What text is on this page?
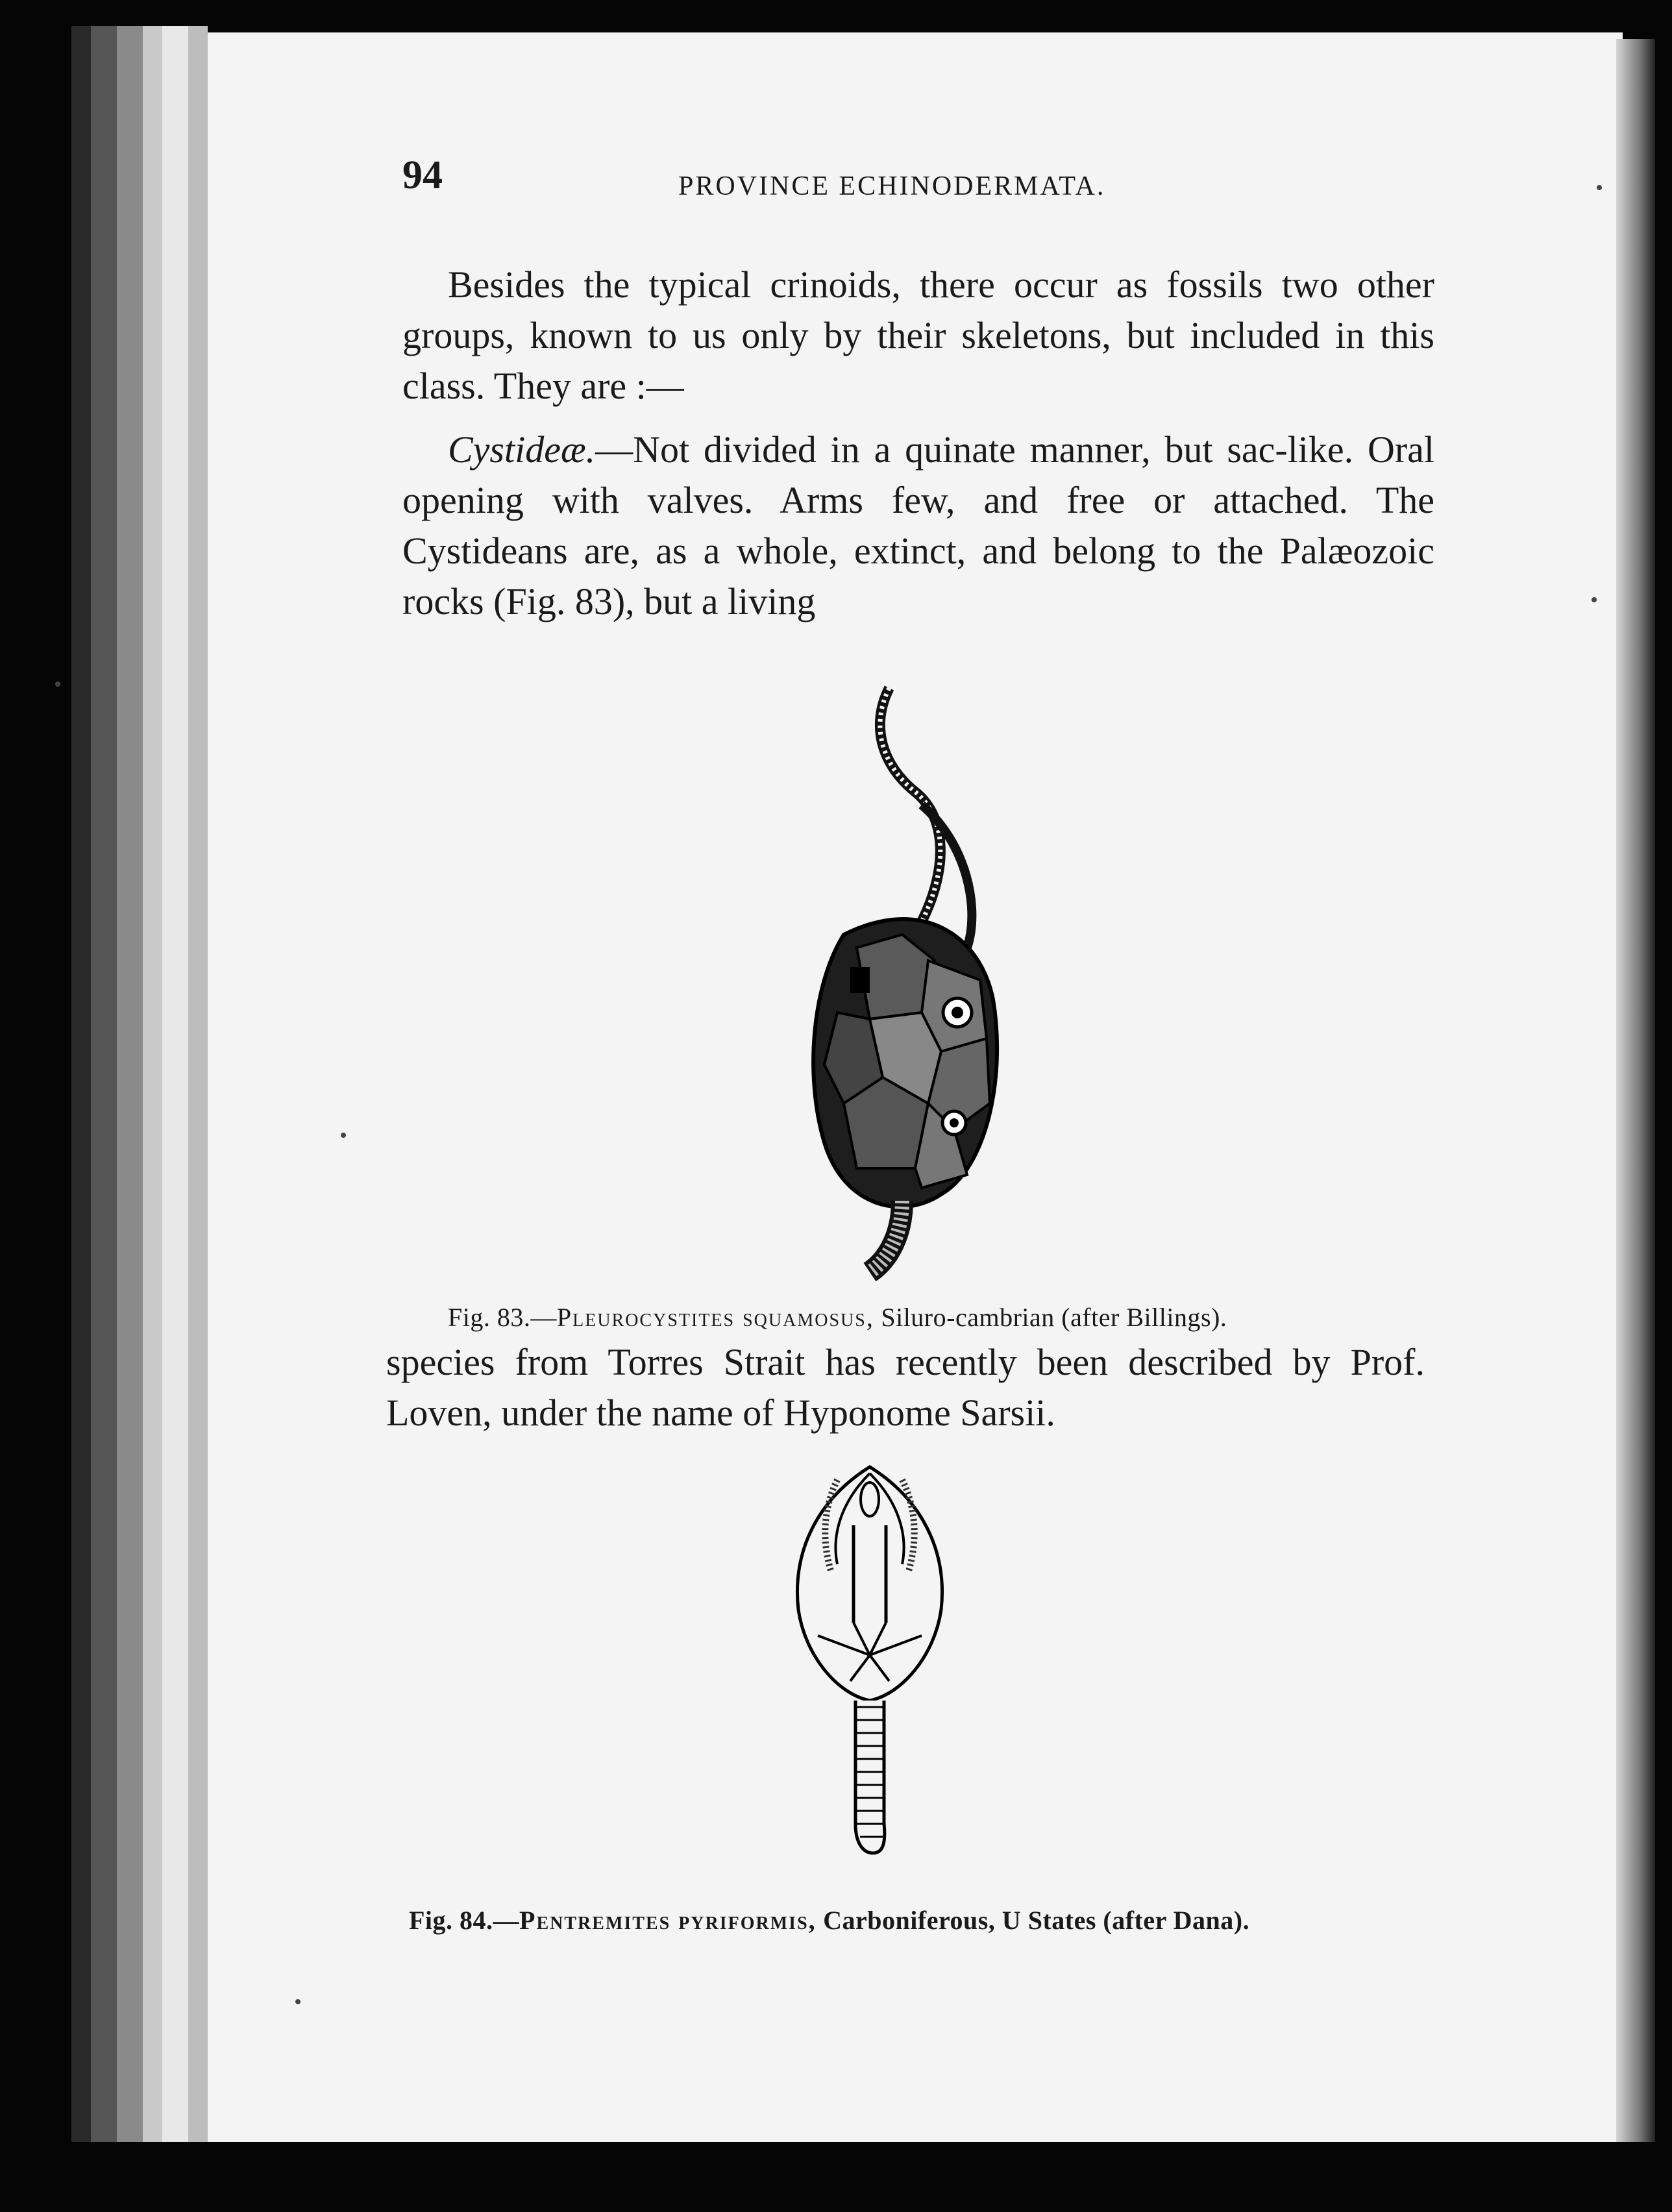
94	PROVINCE ECHINODERMATA.

Besides the typical crinoids, there occur as fossils two other groups, known to us only by their skeletons, but included in this class. They are :—

Cystideæ.—Not divided in a quinate manner, but sac-like. Oral opening with valves. Arms few, and free or attached. The Cystideans are, as a whole, extinct, and belong to the Palæozoic rocks (Fig. 83), but a living

Fig. 83.—Pleurocystites squamosus, Siluro-cambrian (after Billings).

species from Torres Strait has recently been described by Prof. Loven, under the name of Hyponome Sarsii.

Fig. 84.—Pentremites pyriformis, Carboniferous, U States (after Dana).
